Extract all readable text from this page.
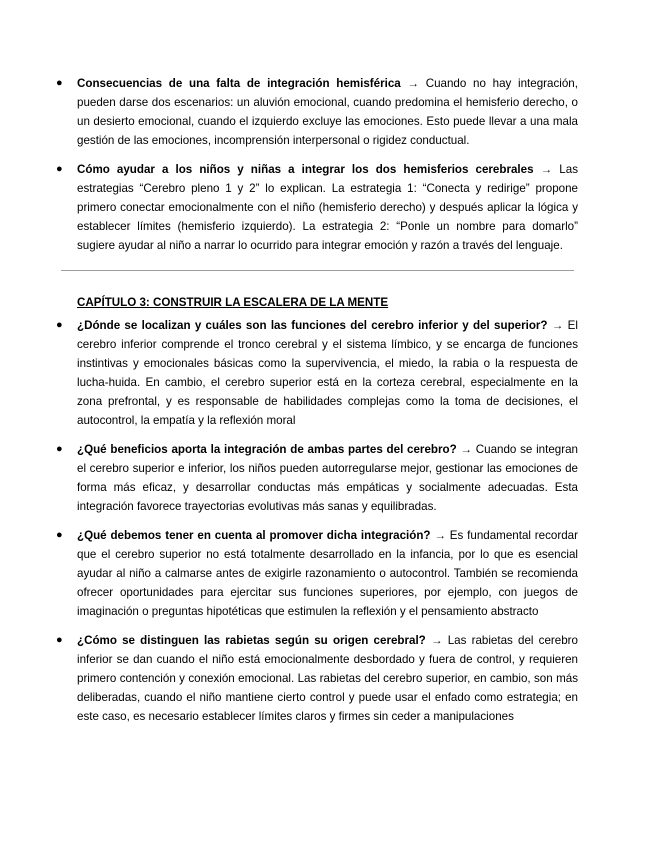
● Consecuencias de una falta de integración hemisférica → Cuando no hay integración, pueden darse dos escenarios: un aluvión emocional, cuando predomina el hemisferio derecho, o un desierto emocional, cuando el izquierdo excluye las emociones. Esto puede llevar a una mala gestión de las emociones, incomprensión interpersonal o rigidez conductual.
● Cómo ayudar a los niños y niñas a integrar los dos hemisferios cerebrales → Las estrategias “Cerebro pleno 1 y 2” lo explican. La estrategia 1: “Conecta y redirige” propone primero conectar emocionalmente con el niño (hemisferio derecho) y después aplicar la lógica y establecer límites (hemisferio izquierdo). La estrategia 2: “Ponle un nombre para domarlo” sugiere ayudar al niño a narrar lo ocurrido para integrar emoción y razón a través del lenguaje.
CAPÍTULO 3: CONSTRUIR LA ESCALERA DE LA MENTE
● ¿Dónde se localizan y cuáles son las funciones del cerebro inferior y del superior? → El cerebro inferior comprende el tronco cerebral y el sistema límbico, y se encarga de funciones instintivas y emocionales básicas como la supervivencia, el miedo, la rabia o la respuesta de lucha-huida. En cambio, el cerebro superior está en la corteza cerebral, especialmente en la zona prefrontal, y es responsable de habilidades complejas como la toma de decisiones, el autocontrol, la empatía y la reflexión moral
● ¿Qué beneficios aporta la integración de ambas partes del cerebro? → Cuando se integran el cerebro superior e inferior, los niños pueden autorregularse mejor, gestionar las emociones de forma más eficaz, y desarrollar conductas más empáticas y socialmente adecuadas. Esta integración favorece trayectorias evolutivas más sanas y equilibradas.
● ¿Qué debemos tener en cuenta al promover dicha integración? → Es fundamental recordar que el cerebro superior no está totalmente desarrollado en la infancia, por lo que es esencial ayudar al niño a calmarse antes de exigirle razonamiento o autocontrol. También se recomienda ofrecer oportunidades para ejercitar sus funciones superiores, por ejemplo, con juegos de imaginación o preguntas hipotéticas que estimulen la reflexión y el pensamiento abstracto
● ¿Cómo se distinguen las rabietas según su origen cerebral? → Las rabietas del cerebro inferior se dan cuando el niño está emocionalmente desbordado y fuera de control, y requieren primero contención y conexión emocional. Las rabietas del cerebro superior, en cambio, son más deliberadas, cuando el niño mantiene cierto control y puede usar el enfado como estrategia; en este caso, es necesario establecer límites claros y firmes sin ceder a manipulaciones
